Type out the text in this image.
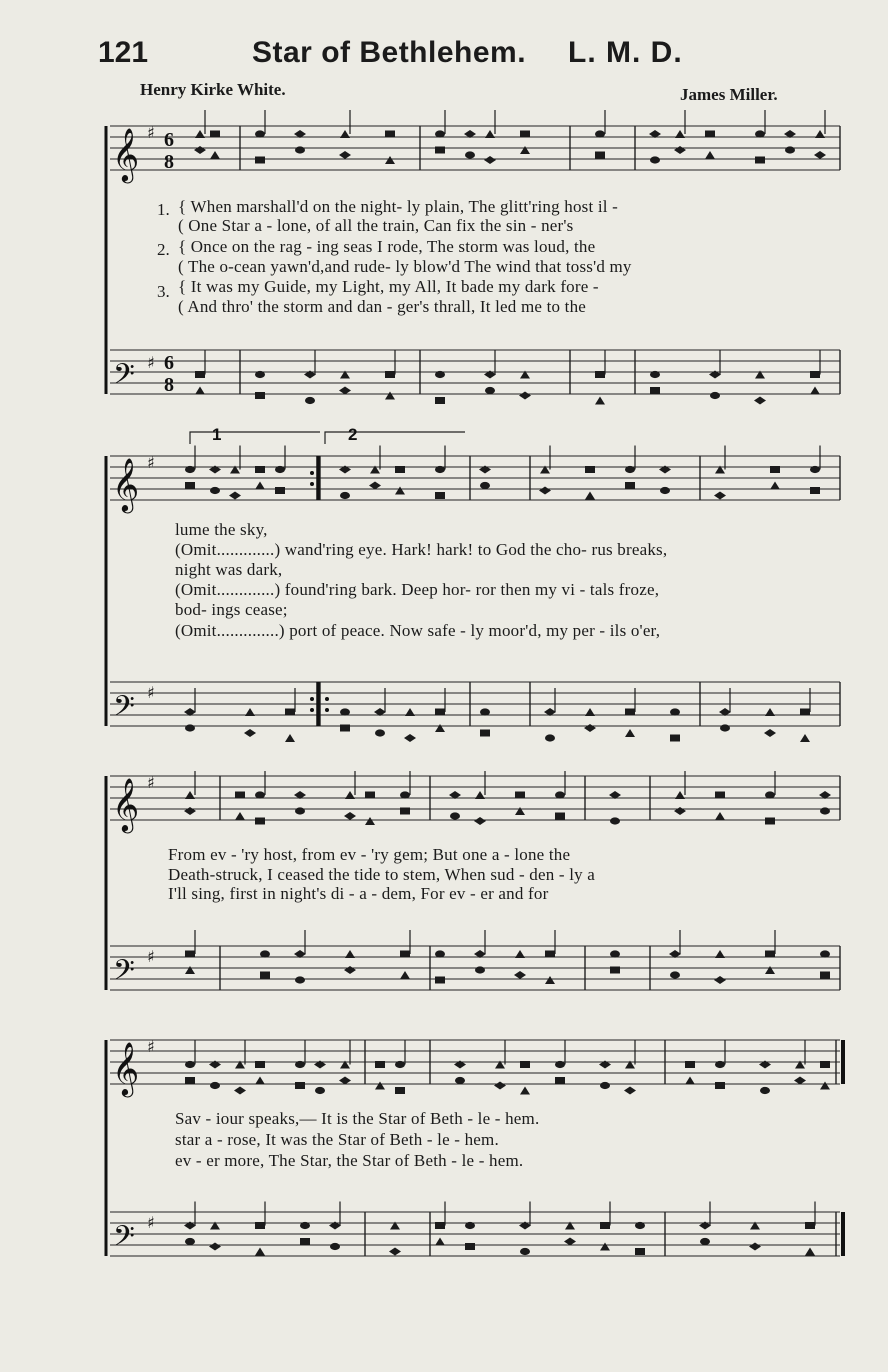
121	Star of Bethlehem. L. M. D.
Henry Kirke White.	James Miller.
1	2
𝄞
𝄞
𝄞
𝄞
𝄢
𝄢
𝄢
𝄢
♯
♯
♯
♯
♯
♯
♯
♯
6
8
6
8
1.
2.
3.
{ When marshall'd on the night- ly plain, The glitt'ring host il -
( One Star a - lone, of all the train, Can fix the sin - ner's
{ Once on the rag - ing seas I rode, The storm was loud, the
( The o-cean yawn'd,and rude- ly blow'd The wind that toss'd my
{ It was my Guide, my Light, my All, It bade my dark fore -
( And thro' the storm and dan - ger's thrall, It led me to the
lume the sky,
(Omit.............) wand'ring eye. Hark! hark! to God the cho- rus breaks,
night was dark,
(Omit.............) found'ring bark. Deep hor- ror then my vi - tals froze,
bod- ings cease;
(Omit..............) port of peace. Now safe - ly moor'd, my per - ils o'er,
From ev - 'ry host, from ev - 'ry gem; But one a - lone the
Death-struck, I ceased the tide to stem, When sud - den - ly a
I'll sing, first in night's di - a - dem, For ev - er and for
Sav - iour speaks,— It is the Star of Beth - le - hem.
star a - rose, It was the Star of Beth - le - hem.
ev - er more, The Star, the Star of Beth - le - hem.
